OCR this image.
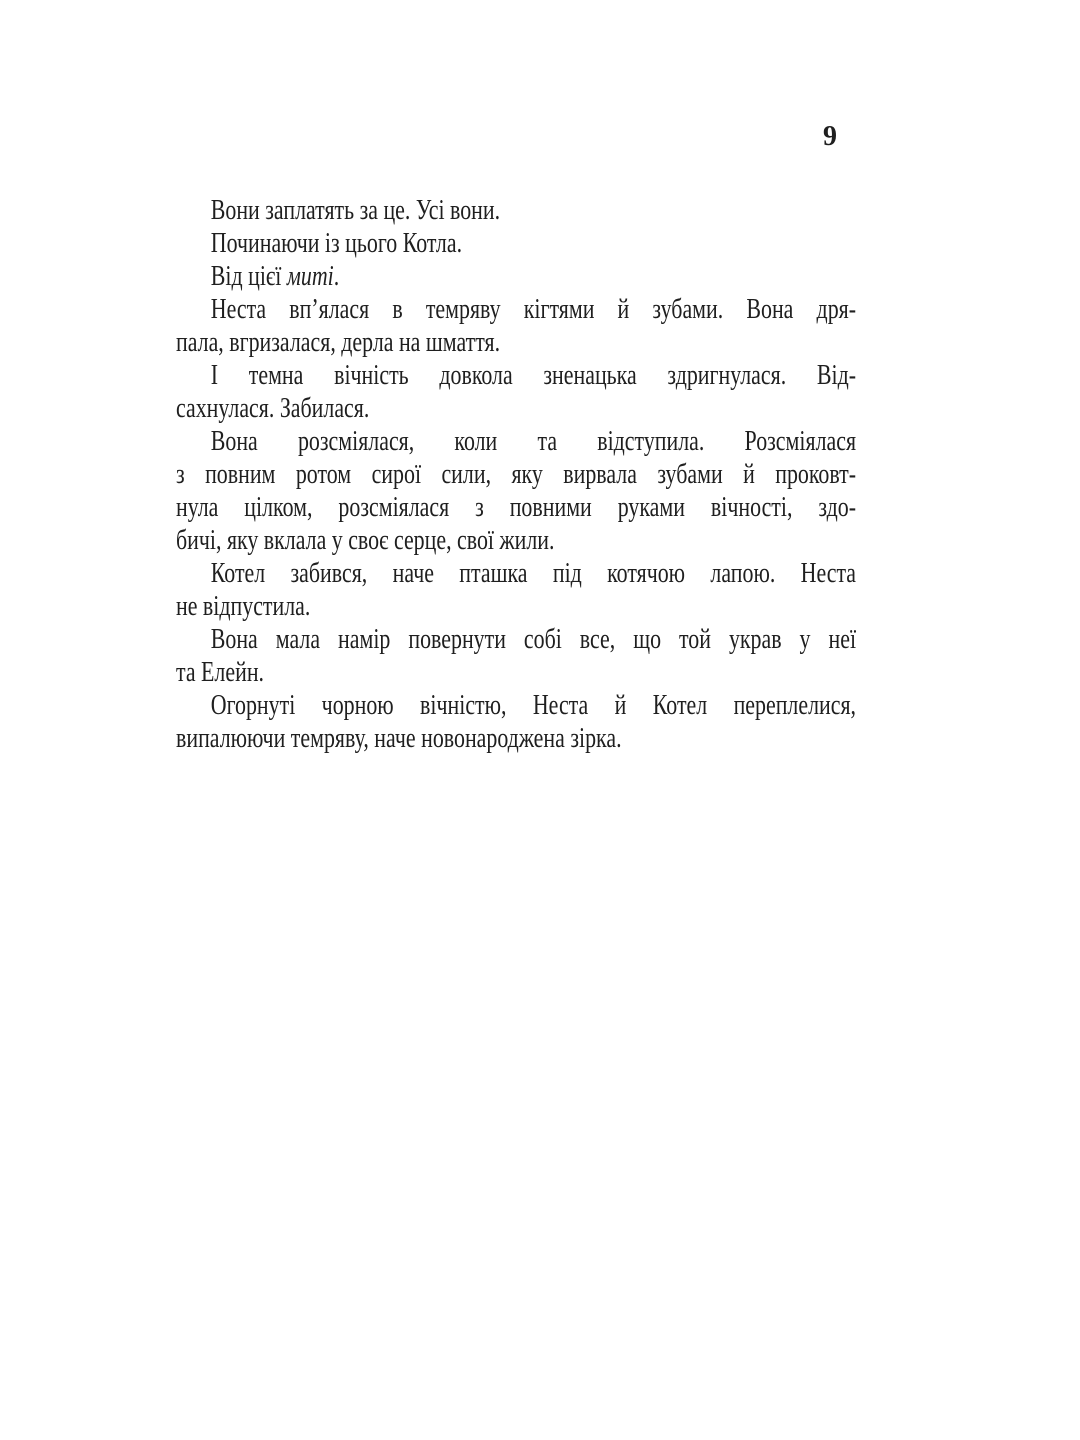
9
Вони заплатять за це. Усі вони.
Починаючи із цього Котла.
Від цієї миті.
Неста вп’ялася в темряву кігтями й зубами. Вона дря-
пала, вгризалася, дерла на шмаття.
І темна вічність довкола зненацька здригнулася. Від-
сахнулася. Забилася.
Вона розсміялася, коли та відступила. Розсміялася
з повним ротом сирої сили, яку вирвала зубами й проковт-
нула цілком, розсміялася з повними руками вічності, здо-
бичі, яку вклала у своє серце, свої жили.
Котел забився, наче пташка під котячою лапою. Неста
не відпустила.
Вона мала намір повернути собі все, що той украв у неї
та Елейн.
Огорнуті чорною вічністю, Неста й Котел переплелися,
випалюючи темряву, наче новонароджена зірка.
